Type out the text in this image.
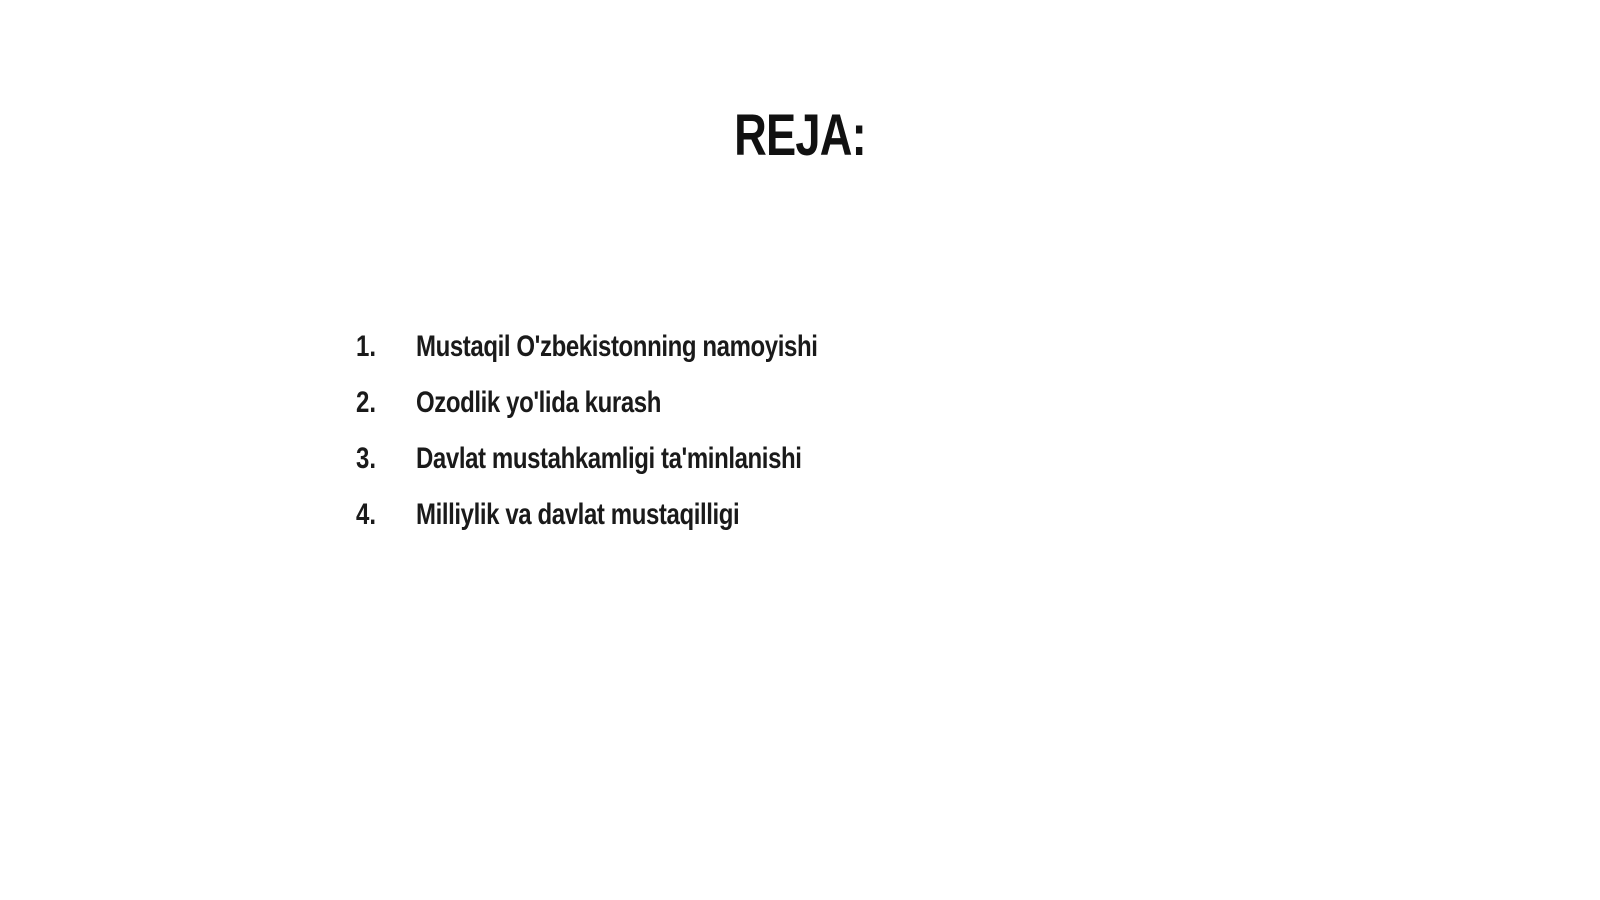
REJA:
1.	Mustaqil O'zbekistonning namoyishi
2.	Ozodlik yo'lida kurash
3.	Davlat mustahkamligi ta'minlanishi
4.	Milliylik va davlat mustaqilligi
